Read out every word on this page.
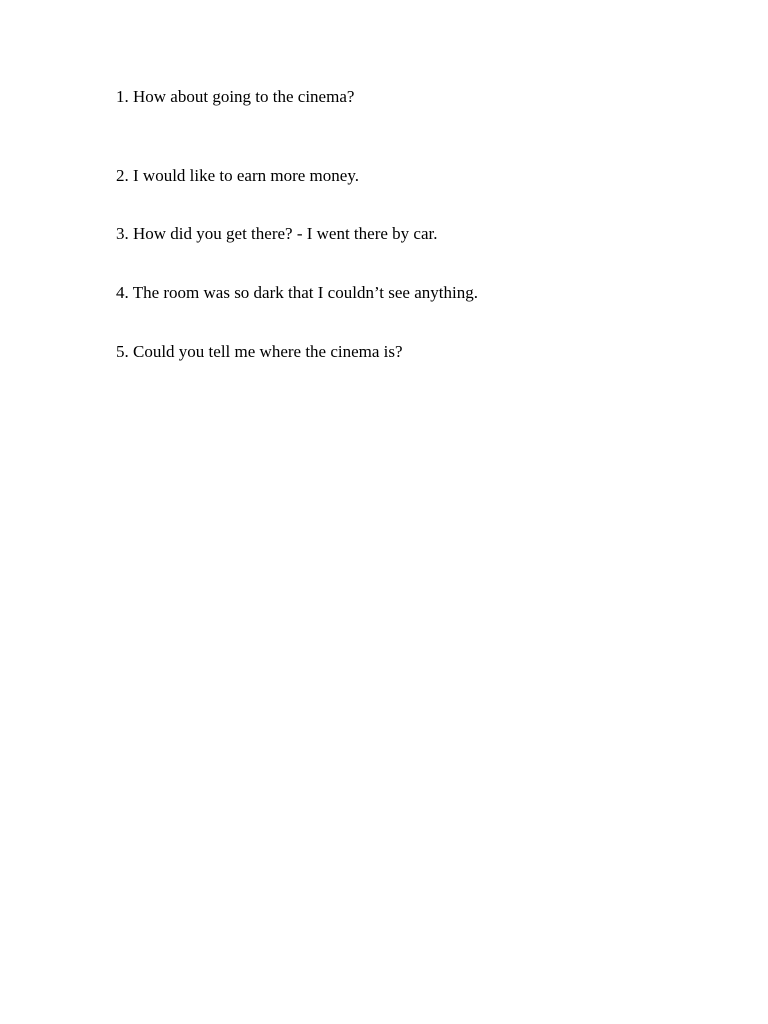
1. How about going to the cinema?
2. I would like to earn more money.
3. How did you get there? - I went there by car.
4. The room was so dark that I couldn’t see anything.
5. Could you tell me where the cinema is?
